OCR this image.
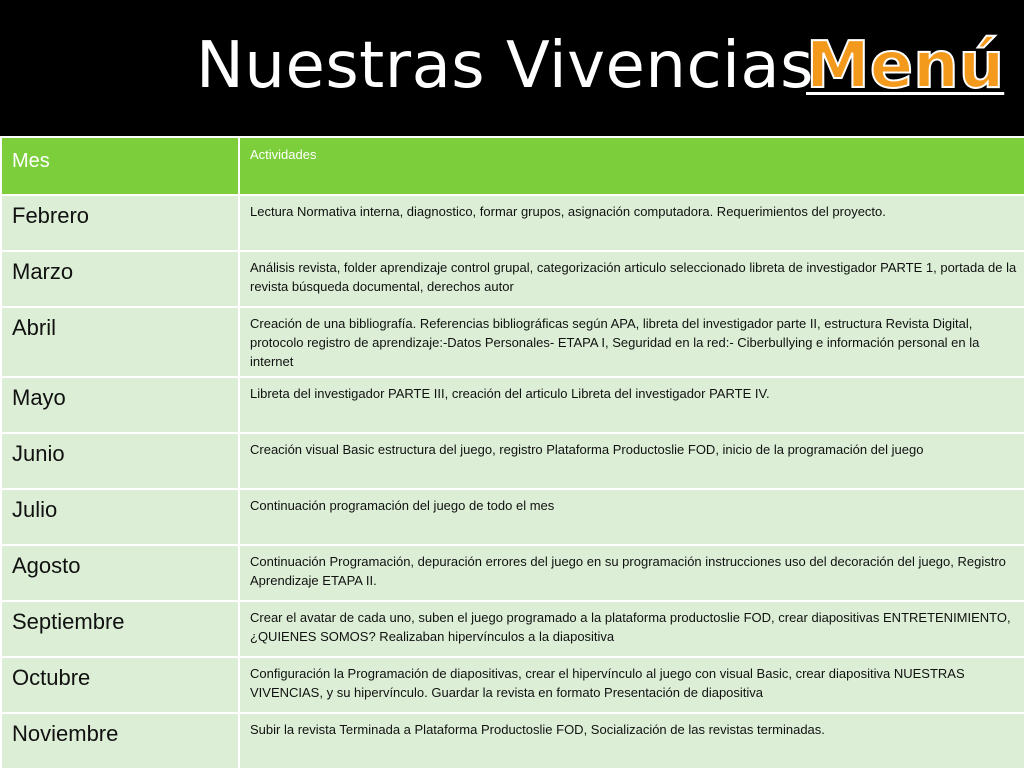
Nuestras Vivencias
Menú
Mes	Actividades

Febrero	Lectura Normativa interna, diagnostico, formar grupos, asignación computadora. Requerimientos del proyecto.

Marzo	Análisis revista, folder aprendizaje control grupal, categorización articulo seleccionado libreta de investigador PARTE 1, portada de la revista búsqueda documental, derechos autor

Abril	Creación de una bibliografía. Referencias bibliográficas según APA, libreta del investigador parte II, estructura Revista Digital, protocolo registro de aprendizaje:-Datos Personales- ETAPA I, Seguridad en la red:- Ciberbullying e información personal en la internet

Mayo	Libreta del investigador PARTE III, creación del articulo Libreta del investigador PARTE IV.

Junio	Creación visual Basic estructura del juego, registro Plataforma Productoslie FOD, inicio de la programación del juego

Julio	Continuación programación del juego de todo el mes

Agosto	Continuación Programación, depuración errores del juego en su programación instrucciones uso del decoración del juego, Registro Aprendizaje ETAPA II.

Septiembre	Crear el avatar de cada uno, suben el juego programado a la plataforma productoslie FOD, crear diapositivas ENTRETENIMIENTO, ¿QUIENES SOMOS? Realizaban hipervínculos a la diapositiva

Octubre	Configuración la Programación de diapositivas, crear el hipervínculo al juego con visual Basic, crear diapositiva NUESTRAS VIVENCIAS, y su hipervínculo. Guardar la revista en formato Presentación de diapositiva

Noviembre	Subir la revista Terminada a Plataforma Productoslie FOD, Socialización de las revistas terminadas.
